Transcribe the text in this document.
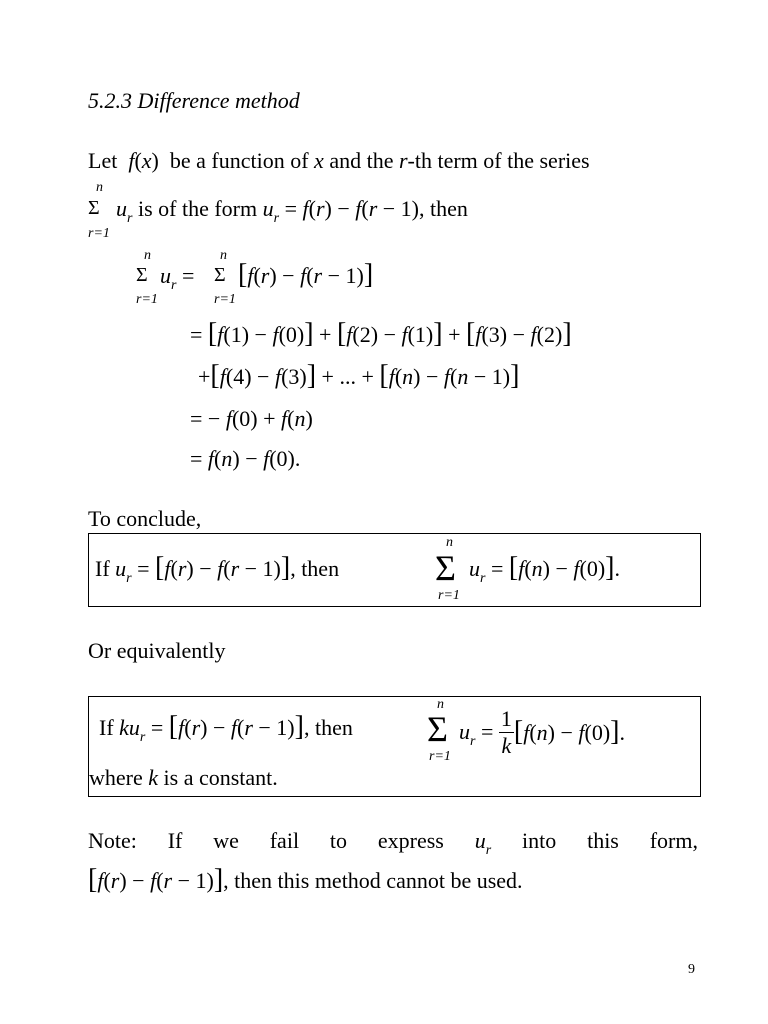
5.2.3 Difference method
Let  f(x)  be a function of x and the r-th term of the series
n
Σ
r=1
$u_r$ is of the form $u_r = f(r) - f(r - 1)$, then
n
Σ
r=1
$u_r$ =
n
Σ
r=1
[f(r) − f(r − 1)]
= [f(1) − f(0)] + [f(2) − f(1)] + [f(3) − f(2)]
+[f(4) − f(3)] + ... + [f(n) − f(n − 1)]
= − f(0) + f(n)
= f(n) − f(0).
To conclude,
If $u_r = [f(r) - f(r - 1)]$, then
n
Σ
r=1
$u_r = [f(n) - f(0)]$.
Or equivalently
If $ku_r = [f(r) - f(r - 1)]$, then
n
Σ
r=1
$u_r = \frac{1}{k} [f(n) - f(0)]$.
where k is a constant.
Note: If we fail to express $u_r$ into this form,
[f(r) − f(r − 1)], then this method cannot be used.
9
